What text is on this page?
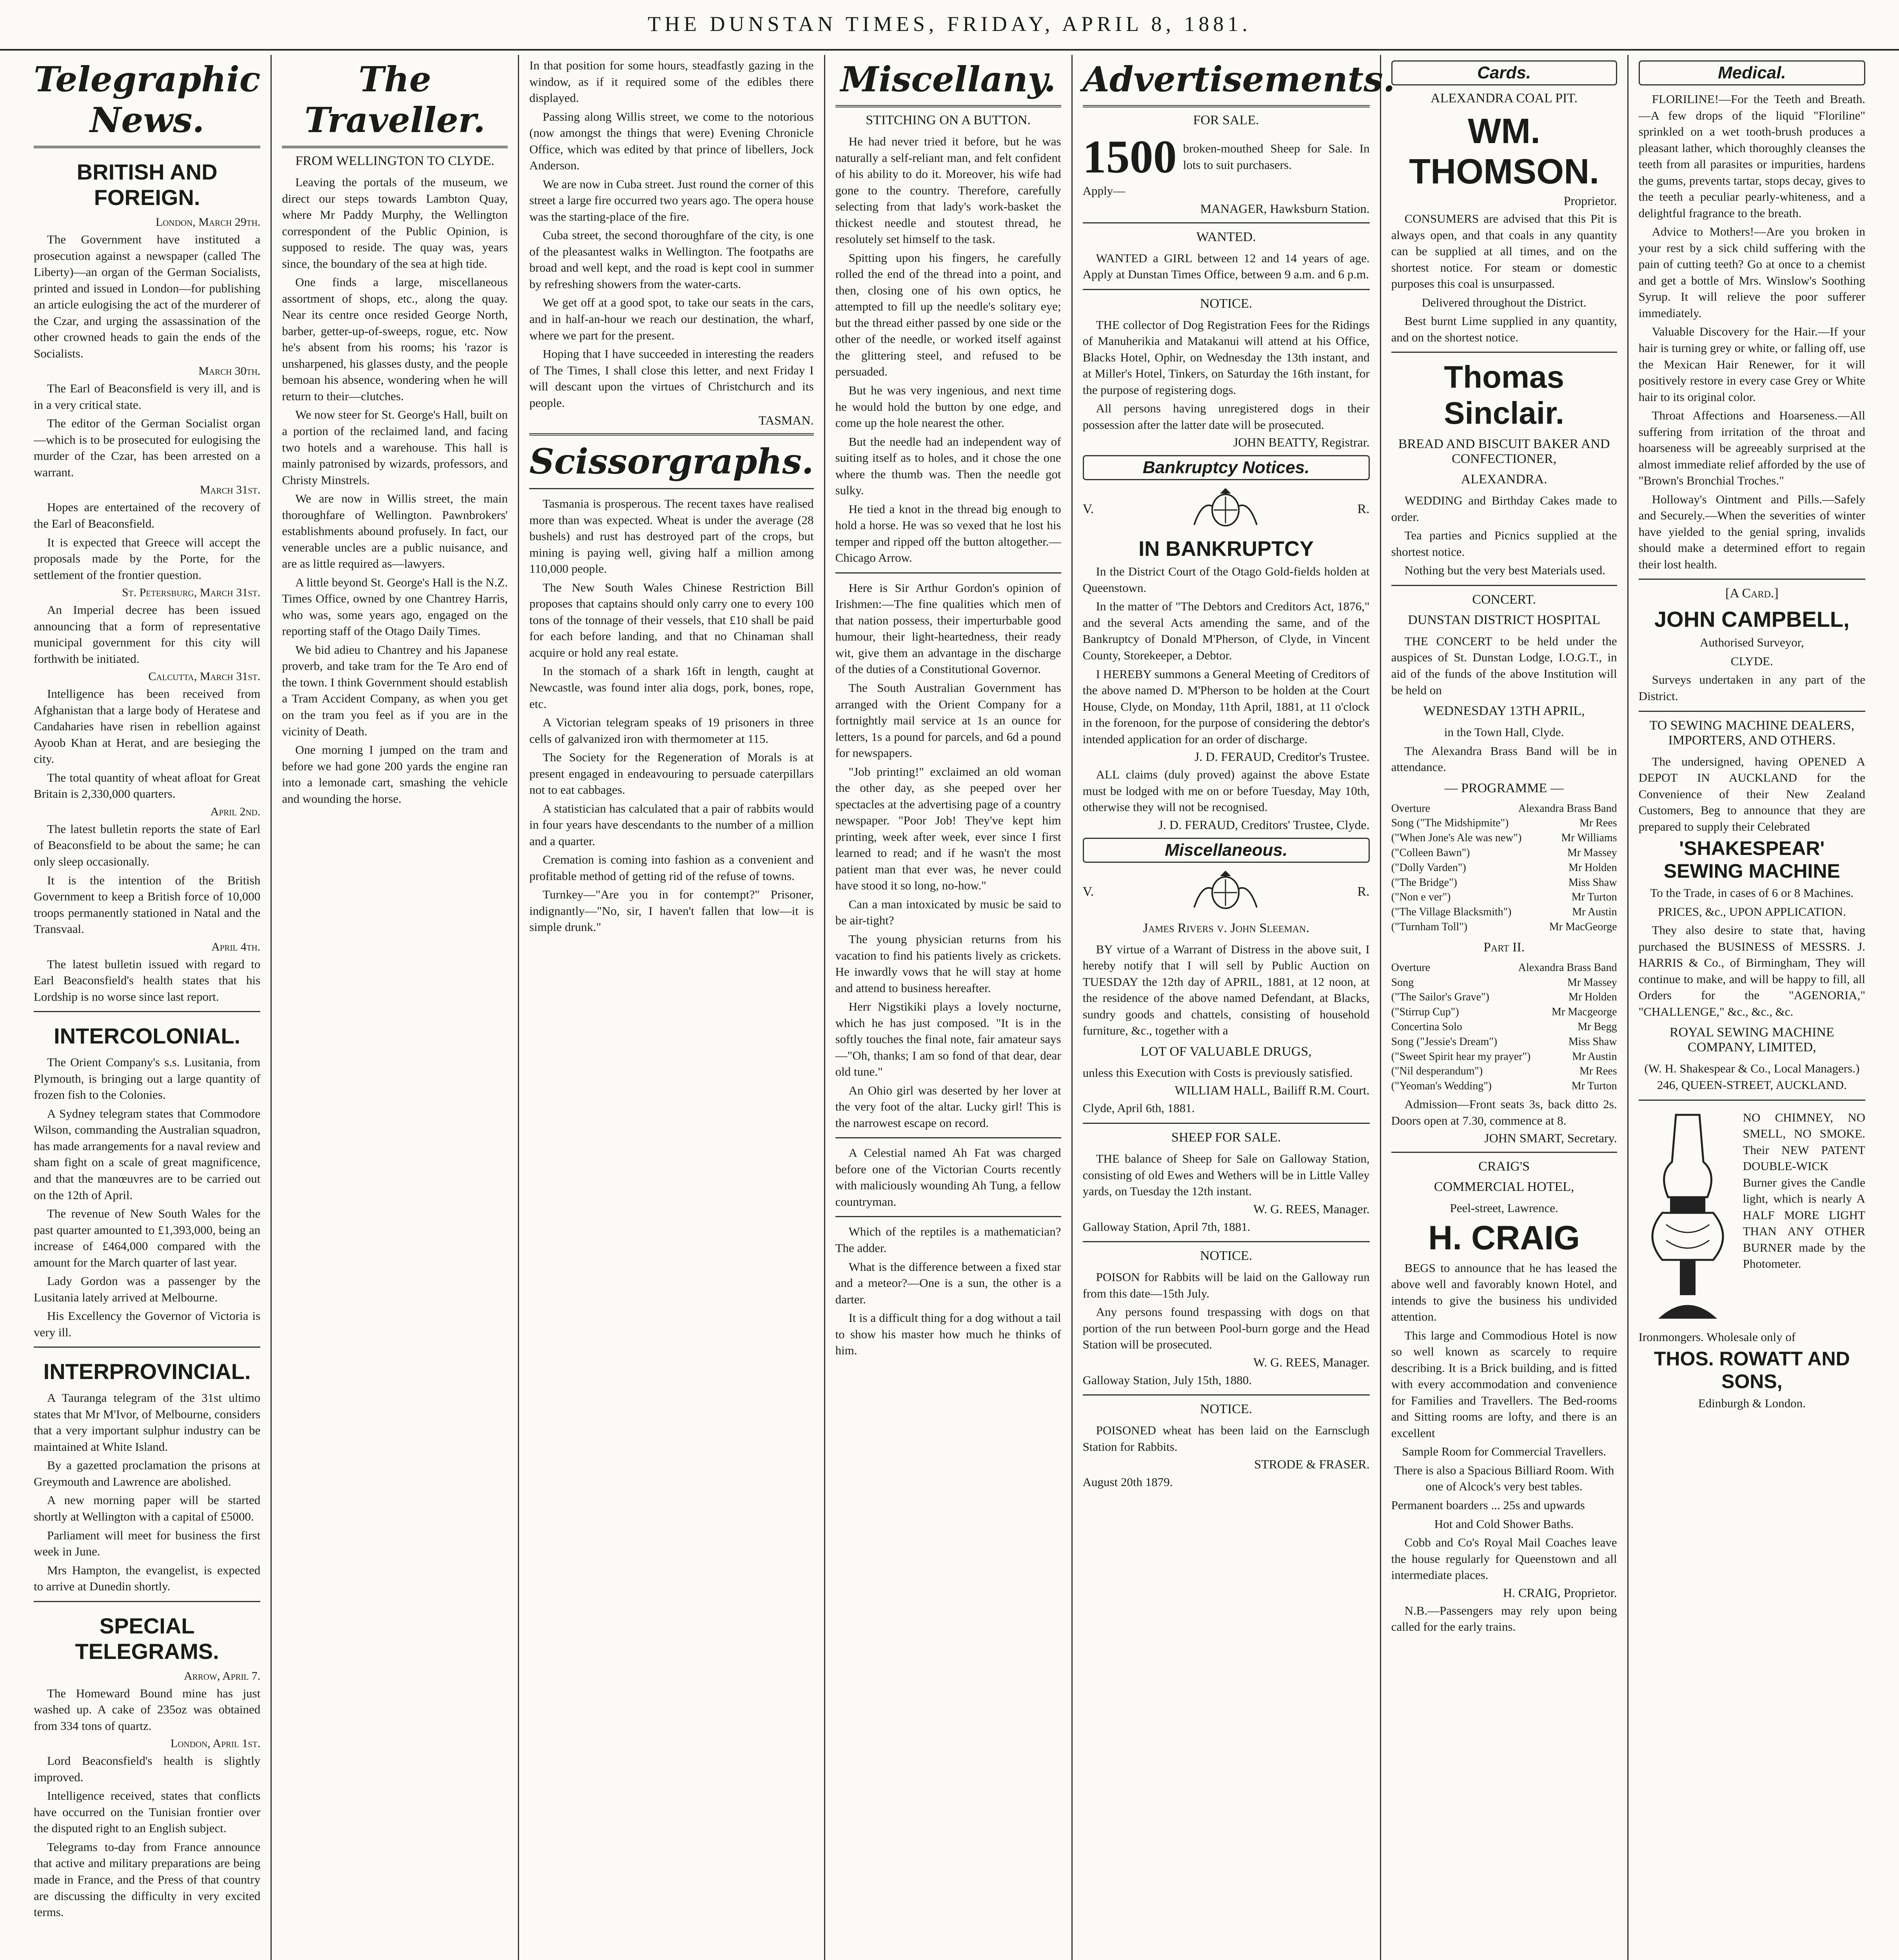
THE DUNSTAN TIMES, FRIDAY, APRIL 8, 1881.
Telegraphic News.
BRITISH AND FOREIGN.
London, March 29th.

The Government have instituted a prosecution against a newspaper (called The Liberty)—an organ of the German Socialists, printed and issued in London—for publishing an article eulogising the act of the murderer of the Czar, and urging the assassination of the other crowned heads to gain the ends of the Socialists.

March 30th.

The Earl of Beaconsfield is very ill, and is in a very critical state.

The editor of the German Socialist organ —which is to be prosecuted for eulogising the murder of the Czar, has been arrested on a warrant.

March 31st.

Hopes are entertained of the recovery of the Earl of Beaconsfield.

It is expected that Greece will accept the proposals made by the Porte, for the settlement of the frontier question.

St. Petersburg, March 31st.

An Imperial decree has been issued announcing that a form of representative municipal government for this city will forthwith be initiated.

Calcutta, March 31st.

Intelligence has been received from Afghanistan that a large body of Heratese and Candaharies have risen in rebellion against Ayoob Khan at Herat, and are besieging the city.

The total quantity of wheat afloat for Great Britain is 2,330,000 quarters.

April 2nd.

The latest bulletin reports the state of Earl of Beaconsfield to be about the same; he can only sleep occasionally.

It is the intention of the British Government to keep a British force of 10,000 troops permanently stationed in Natal and the Transvaal.

April 4th.

The latest bulletin issued with regard to Earl Beaconsfield's health states that his Lordship is no worse since last report.

INTERCOLONIAL.

The Orient Company's s.s. Lusitania, from Plymouth, is bringing out a large quantity of frozen fish to the Colonies.

A Sydney telegram states that Commodore Wilson, commanding the Australian squadron, has made arrangements for a naval review and sham fight on a scale of great magnificence, and that the manœuvres are to be carried out on the 12th of April.

The revenue of New South Wales for the past quarter amounted to £1,393,000, being an increase of £464,000 compared with the amount for the March quarter of last year.

Lady Gordon was a passenger by the Lusitania lately arrived at Melbourne.

His Excellency the Governor of Victoria is very ill.

INTERPROVINCIAL.

A Tauranga telegram of the 31st ultimo states that Mr M'Ivor, of Melbourne, considers that a very important sulphur industry can be maintained at White Island.

By a gazetted proclamation the prisons at Greymouth and Lawrence are abolished.

A new morning paper will be started shortly at Wellington with a capital of £5000.

Parliament will meet for business the first week in June.

Mrs Hampton, the evangelist, is expected to arrive at Dunedin shortly.

SPECIAL TELEGRAMS.
Arrow, April 7.

The Homeward Bound mine has just washed up. A cake of 235oz was obtained from 334 tons of quartz.

London, April 1st.

Lord Beaconsfield's health is slightly improved.

Intelligence received, states that conflicts have occurred on the Tunisian frontier over the disputed right to an English subject.

Telegrams to-day from France announce that active and military preparations are being made in France, and the Press of that country are discussing the difficulty in very excited terms.

The Traveller.
FROM WELLINGTON TO CLYDE.

Leaving the portals of the museum, we direct our steps towards Lambton Quay, where Mr Paddy Murphy, the Wellington correspondent of the Public Opinion, is supposed to reside. The quay was, years since, the boundary of the sea at high tide.

One finds a large, miscellaneous assortment of shops, etc., along the quay. Near its centre once resided George North, barber, getter-up-of-sweeps, rogue, etc. Now he's absent from his rooms; his 'razor is unsharpened, his glasses dusty, and the people bemoan his absence, wondering when he will return to their—clutches.

We now steer for St. George's Hall, built on a portion of the reclaimed land, and facing two hotels and a warehouse. This hall is mainly patronised by wizards, professors, and Christy Minstrels.

We are now in Willis street, the main thoroughfare of Wellington. Pawnbrokers' establishments abound profusely. In fact, our venerable uncles are a public nuisance, and are as little required as—lawyers.

A little beyond St. George's Hall is the N.Z. Times Office, owned by one Chantrey Harris, who was, some years ago, engaged on the reporting staff of the Otago Daily Times.

We bid adieu to Chantrey and his Japanese proverb, and take tram for the Te Aro end of the town. I think Government should establish a Tram Accident Company, as when you get on the tram you feel as if you are in the vicinity of Death.

One morning I jumped on the tram and before we had gone 200 yards the engine ran into a lemonade cart, smashing the vehicle and wounding the horse.

In that position for some hours, steadfastly gazing in the window, as if it required some of the edibles there displayed.

Passing along Willis street, we come to the notorious (now amongst the things that were) Evening Chronicle Office, which was edited by that prince of libellers, Jock Anderson.

We are now in Cuba street. Just round the corner of this street a large fire occurred two years ago. The opera house was the starting-place of the fire.

Cuba street, the second thoroughfare of the city, is one of the pleasantest walks in Wellington. The footpaths are broad and well kept, and the road is kept cool in summer by refreshing showers from the water-carts.

We get off at a good spot, to take our seats in the cars, and in half-an-hour we reach our destination, the wharf, where we part for the present.

Hoping that I have succeeded in interesting the readers of The Times, I shall close this letter, and next Friday I will descant upon the virtues of Christchurch and its people.

TASMAN.
Scissorgraphs.

Tasmania is prosperous. The recent taxes have realised more than was expected. Wheat is under the average (28 bushels) and rust has destroyed part of the crops, but mining is paying well, giving half a million among 110,000 people.

The New South Wales Chinese Restriction Bill proposes that captains should only carry one to every 100 tons of the tonnage of their vessels, that £10 shall be paid for each before landing, and that no Chinaman shall acquire or hold any real estate.

In the stomach of a shark 16ft in length, caught at Newcastle, was found inter alia dogs, pork, bones, rope, etc.

A Victorian telegram speaks of 19 prisoners in three cells of galvanized iron with thermometer at 115.

The Society for the Regeneration of Morals is at present engaged in endeavouring to persuade caterpillars not to eat cabbages.

A statistician has calculated that a pair of rabbits would in four years have descendants to the number of a million and a quarter.

Cremation is coming into fashion as a convenient and profitable method of getting rid of the refuse of towns.

Turnkey—"Are you in for contempt?" Prisoner, indignantly—"No, sir, I haven't fallen that low—it is simple drunk."

Miscellany.
STITCHING ON A BUTTON.

He had never tried it before, but he was naturally a self-reliant man, and felt confident of his ability to do it. Moreover, his wife had gone to the country. Therefore, carefully selecting from that lady's work-basket the thickest needle and stoutest thread, he resolutely set himself to the task.

Spitting upon his fingers, he carefully rolled the end of the thread into a point, and then, closing one of his own optics, he attempted to fill up the needle's solitary eye; but the thread either passed by one side or the other of the needle, or worked itself against the glittering steel, and refused to be persuaded.

But he was very ingenious, and next time he would hold the button by one edge, and come up the hole nearest the other.

But the needle had an independent way of suiting itself as to holes, and it chose the one where the thumb was. Then the needle got sulky.

He tied a knot in the thread big enough to hold a horse. He was so vexed that he lost his temper and ripped off the button altogether.—Chicago Arrow.

Here is Sir Arthur Gordon's opinion of Irishmen:—The fine qualities which men of that nation possess, their imperturbable good humour, their light-heartedness, their ready wit, give them an advantage in the discharge of the duties of a Constitutional Governor.

The South Australian Government has arranged with the Orient Company for a fortnightly mail service at 1s an ounce for letters, 1s a pound for parcels, and 6d a pound for newspapers.

"Job printing!" exclaimed an old woman the other day, as she peeped over her spectacles at the advertising page of a country newspaper. "Poor Job! They've kept him printing, week after week, ever since I first learned to read; and if he wasn't the most patient man that ever was, he never could have stood it so long, no-how."

Can a man intoxicated by music be said to be air-tight?

The young physician returns from his vacation to find his patients lively as crickets. He inwardly vows that he will stay at home and attend to business hereafter.

Herr Nigstikiki plays a lovely nocturne, which he has just composed. "It is in the softly touches the final note, fair amateur says—"Oh, thanks; I am so fond of that dear, dear old tune."

An Ohio girl was deserted by her lover at the very foot of the altar. Lucky girl! This is the narrowest escape on record.

A Celestial named Ah Fat was charged before one of the Victorian Courts recently with maliciously wounding Ah Tung, a fellow countryman.

Which of the reptiles is a mathematician? The adder.

What is the difference between a fixed star and a meteor?—One is a sun, the other is a darter.

It is a difficult thing for a dog without a tail to show his master how much he thinks of him.

Advertisements.
FOR SALE.
1500 broken-mouthed Sheep for Sale. In lots to suit purchasers.

Apply—

MANAGER, Hawksburn Station.
WANTED.

WANTED a GIRL between 12 and 14 years of age. Apply at Dunstan Times Office, between 9 a.m. and 6 p.m.

NOTICE.

THE collector of Dog Registration Fees for the Ridings of Manuherikia and Matakanui will attend at his Office, Blacks Hotel, Ophir, on Wednesday the 13th instant, and at Miller's Hotel, Tinkers, on Saturday the 16th instant, for the purpose of registering dogs.

All persons having unregistered dogs in their possession after the latter date will be prosecuted.

JOHN BEATTY, Registrar.
Bankruptcy Notices.
V.	R.
IN BANKRUPTCY

In the District Court of the Otago Gold-fields holden at Queenstown.

In the matter of "The Debtors and Creditors Act, 1876," and the several Acts amending the same, and of the Bankruptcy of Donald M'Pherson, of Clyde, in Vincent County, Storekeeper, a Debtor.

I HEREBY summons a General Meeting of Creditors of the above named D. M'Pherson to be holden at the Court House, Clyde, on Monday, 11th April, 1881, at 11 o'clock in the forenoon, for the purpose of considering the debtor's intended application for an order of discharge.

J. D. FERAUD, Creditor's Trustee.

ALL claims (duly proved) against the above Estate must be lodged with me on or before Tuesday, May 10th, otherwise they will not be recognised.

J. D. FERAUD, Creditors' Trustee, Clyde.
Miscellaneous.
V.	R.
James Rivers v. John Sleeman.

BY virtue of a Warrant of Distress in the above suit, I hereby notify that I will sell by Public Auction on TUESDAY the 12th day of APRIL, 1881, at 12 noon, at the residence of the above named Defendant, at Blacks, sundry goods and chattels, consisting of household furniture, &c., together with a

LOT OF VALUABLE DRUGS,

unless this Execution with Costs is previously satisfied.

WILLIAM HALL, Bailiff R.M. Court.

Clyde, April 6th, 1881.

SHEEP FOR SALE.

THE balance of Sheep for Sale on Galloway Station, consisting of old Ewes and Wethers will be in Little Valley yards, on Tuesday the 12th instant.

W. G. REES, Manager.

Galloway Station, April 7th, 1881.

NOTICE.

POISON for Rabbits will be laid on the Galloway run from this date—15th July.

Any persons found trespassing with dogs on that portion of the run between Pool-burn gorge and the Head Station will be prosecuted.

W. G. REES, Manager.

Galloway Station, July 15th, 1880.

NOTICE.

POISONED wheat has been laid on the Earnsclugh Station for Rabbits.

STRODE & FRASER.

August 20th 1879.

Cards.
ALEXANDRA COAL PIT.
WM. THOMSON.
Proprietor.

CONSUMERS are advised that this Pit is always open, and that coals in any quantity can be supplied at all times, and on the shortest notice. For steam or domestic purposes this coal is unsurpassed.

Delivered throughout the District.

Best burnt Lime supplied in any quantity, and on the shortest notice.

Thomas Sinclair.
BREAD AND BISCUIT BAKER AND CONFECTIONER,
ALEXANDRA.

WEDDING and Birthday Cakes made to order.

Tea parties and Picnics supplied at the shortest notice.

Nothing but the very best Materials used.

CONCERT.
DUNSTAN DISTRICT HOSPITAL

THE CONCERT to be held under the auspices of St. Dunstan Lodge, I.O.G.T., in aid of the funds of the above Institution will be held on

WEDNESDAY 13TH APRIL,

in the Town Hall, Clyde.

The Alexandra Brass Band will be in attendance.

— PROGRAMME —
Overture	Alexandra Brass Band
Song ("The Midshipmite")	Mr Rees
("When Jone's Ale was new")	Mr Williams
("Colleen Bawn")	Mr Massey
("Dolly Varden")	Mr Holden
("The Bridge")	Miss Shaw
("Non e ver")	Mr Turton
("The Village Blacksmith")	Mr Austin
("Turnham Toll")	Mr MacGeorge
Part II.
Overture	Alexandra Brass Band
Song	Mr Massey
("The Sailor's Grave")	Mr Holden
("Stirrup Cup")	Mr Macgeorge
Concertina Solo	Mr Begg
Song ("Jessie's Dream")	Miss Shaw
("Sweet Spirit hear my prayer")	Mr Austin
("Nil desperandum")	Mr Rees
("Yeoman's Wedding")	Mr Turton

Admission—Front seats 3s, back ditto 2s. Doors open at 7.30, commence at 8.

JOHN SMART, Secretary.
CRAIG'S
COMMERCIAL HOTEL,

Peel-street, Lawrence.

H. CRAIG

BEGS to announce that he has leased the above well and favorably known Hotel, and intends to give the business his undivided attention.

This large and Commodious Hotel is now so well known as scarcely to require describing. It is a Brick building, and is fitted with every accommodation and convenience for Families and Travellers. The Bed-rooms and Sitting rooms are lofty, and there is an excellent

Sample Room for Commercial Travellers.

There is also a Spacious Billiard Room. With one of Alcock's very best tables.

Permanent boarders ... 25s and upwards

Hot and Cold Shower Baths.

Cobb and Co's Royal Mail Coaches leave the house regularly for Queenstown and all intermediate places.

H. CRAIG, Proprietor.

N.B.—Passengers may rely upon being called for the early trains.

Medical.

FLORILINE!—For the Teeth and Breath.—A few drops of the liquid "Floriline" sprinkled on a wet tooth-brush produces a pleasant lather, which thoroughly cleanses the teeth from all parasites or impurities, hardens the gums, prevents tartar, stops decay, gives to the teeth a peculiar pearly-whiteness, and a delightful fragrance to the breath.

Advice to Mothers!—Are you broken in your rest by a sick child suffering with the pain of cutting teeth? Go at once to a chemist and get a bottle of Mrs. Winslow's Soothing Syrup. It will relieve the poor sufferer immediately.

Valuable Discovery for the Hair.—If your hair is turning grey or white, or falling off, use the Mexican Hair Renewer, for it will positively restore in every case Grey or White hair to its original color.

Throat Affections and Hoarseness.—All suffering from irritation of the throat and hoarseness will be agreeably surprised at the almost immediate relief afforded by the use of "Brown's Bronchial Troches."

Holloway's Ointment and Pills.—Safely and Securely.—When the severities of winter have yielded to the genial spring, invalids should make a determined effort to regain their lost health.

[A Card.]
JOHN CAMPBELL,

Authorised Surveyor,

CLYDE.

Surveys undertaken in any part of the District.

TO SEWING MACHINE DEALERS, IMPORTERS, AND OTHERS.

The undersigned, having OPENED A DEPOT IN AUCKLAND for the Convenience of their New Zealand Customers, Beg to announce that they are prepared to supply their Celebrated

'SHAKESPEAR' SEWING MACHINE

To the Trade, in cases of 6 or 8 Machines.

PRICES, &c., UPON APPLICATION.

They also desire to state that, having purchased the BUSINESS of MESSRS. J. HARRIS & Co., of Birmingham, They will continue to make, and will be happy to fill, all Orders for the "AGENORIA," "CHALLENGE," &c., &c., &c.

ROYAL SEWING MACHINE COMPANY, LIMITED,

(W. H. Shakespear & Co., Local Managers.) 246, QUEEN-STREET, AUCKLAND.

NO CHIMNEY, NO SMELL, NO SMOKE. Their NEW PATENT DOUBLE-WICK Burner gives the Candle light, which is nearly A HALF MORE LIGHT THAN ANY OTHER BURNER made by the Photometer.

Ironmongers. Wholesale only of

THOS. ROWATT AND SONS,

Edinburgh & London.
